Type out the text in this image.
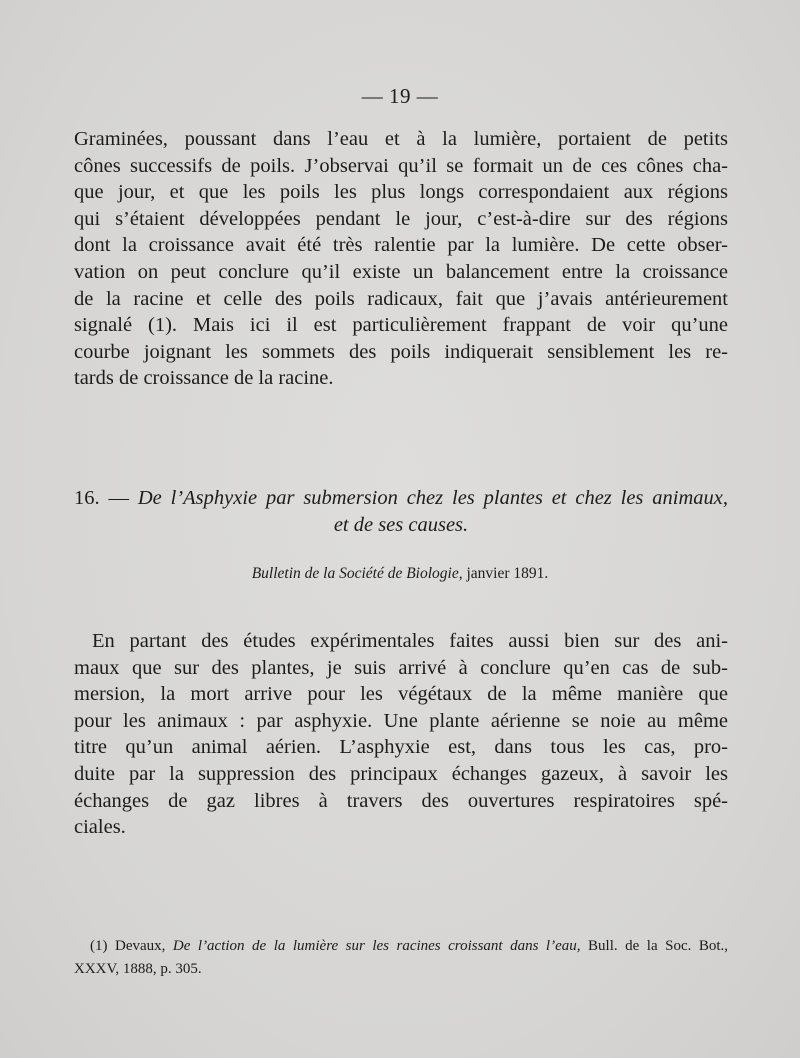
— 19 —
Graminées, poussant dans l’eau et à la lumière, portaient de petits
cônes successifs de poils. J’observai qu’il se formait un de ces cônes cha-
que jour, et que les poils les plus longs correspondaient aux régions
qui s’étaient développées pendant le jour, c’est-à-dire sur des régions
dont la croissance avait été très ralentie par la lumière. De cette obser-
vation on peut conclure qu’il existe un balancement entre la croissance
de la racine et celle des poils radicaux, fait que j’avais antérieurement
signalé (1). Mais ici il est particulièrement frappant de voir qu’une
courbe joignant les sommets des poils indiquerait sensiblement les re-
tards de croissance de la racine.
16. — De l’Asphyxie par submersion chez les plantes et chez les animaux,
et de ses causes.
Bulletin de la Société de Biologie, janvier 1891.
En partant des études expérimentales faites aussi bien sur des ani-
maux que sur des plantes, je suis arrivé à conclure qu’en cas de sub-
mersion, la mort arrive pour les végétaux de la même manière que
pour les animaux : par asphyxie. Une plante aérienne se noie au même
titre qu’un animal aérien. L’asphyxie est, dans tous les cas, pro-
duite par la suppression des principaux échanges gazeux, à savoir les
échanges de gaz libres à travers des ouvertures respiratoires spé-
ciales.
(1) Devaux, De l’action de la lumière sur les racines croissant dans l’eau, Bull. de la Soc. Bot.,
XXXV, 1888, p. 305.
